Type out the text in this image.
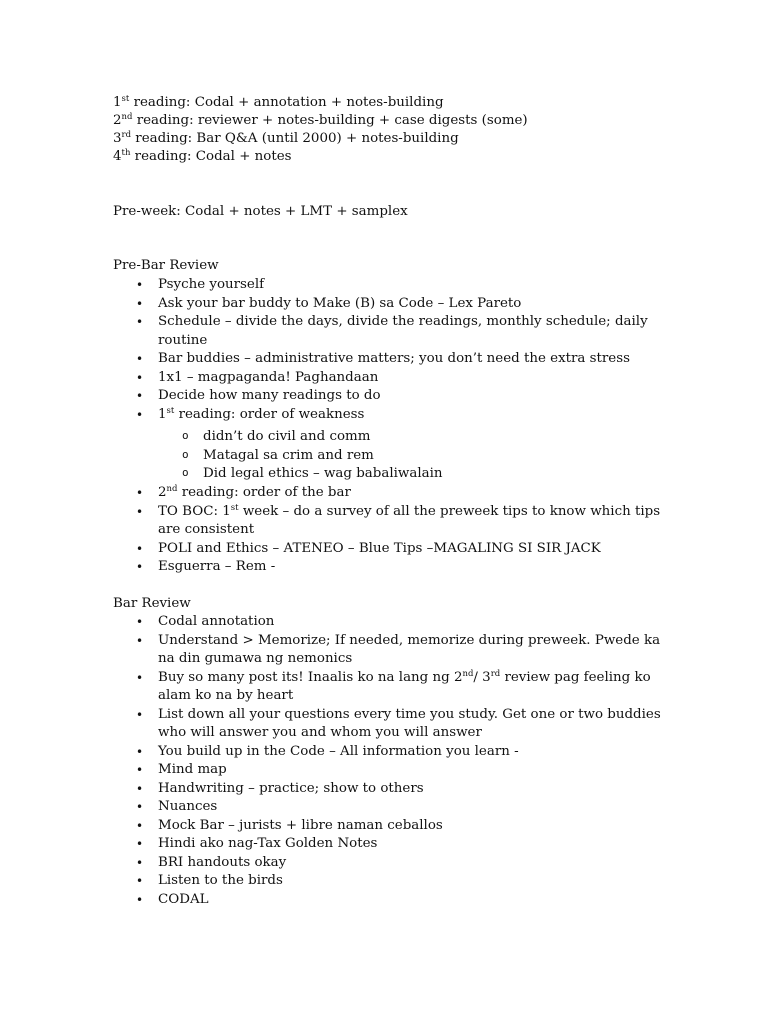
1st reading: Codal + annotation + notes-building

2nd reading: reviewer + notes-building + case digests (some)

3rd reading: Bar Q&A (until 2000) + notes-building

4th reading: Codal + notes

Pre-week: Codal + notes + LMT + samplex

Pre-Bar Review

• Psyche yourself
• Ask your bar buddy to Make (B) sa Code – Lex Pareto
• Schedule – divide the days, divide the readings, monthly schedule; daily routine
• Bar buddies – administrative matters; you don’t need the extra stress
• 1x1 – magpaganda! Paghandaan
• Decide how many readings to do
• 1st reading: order of weakness
o didn’t do civil and comm
o Matagal sa crim and rem
o Did legal ethics – wag babaliwalain
• 2nd reading: order of the bar
• TO BOC: 1st week – do a survey of all the preweek tips to know which tips are consistent
• POLI and Ethics – ATENEO – Blue Tips –MAGALING SI SIR JACK
• Esguerra – Rem -

Bar Review

• Codal annotation
• Understand > Memorize; If needed, memorize during preweek. Pwede ka na din gumawa ng nemonics
• Buy so many post its! Inaalis ko na lang ng 2nd/ 3rd review pag feeling ko alam ko na by heart
• List down all your questions every time you study. Get one or two buddies who will answer you and whom you will answer
• You build up in the Code – All information you learn -
• Mind map
• Handwriting – practice; show to others
• Nuances
• Mock Bar – jurists + libre naman ceballos
• Hindi ako nag-Tax Golden Notes
• BRI handouts okay
• Listen to the birds
• CODAL
